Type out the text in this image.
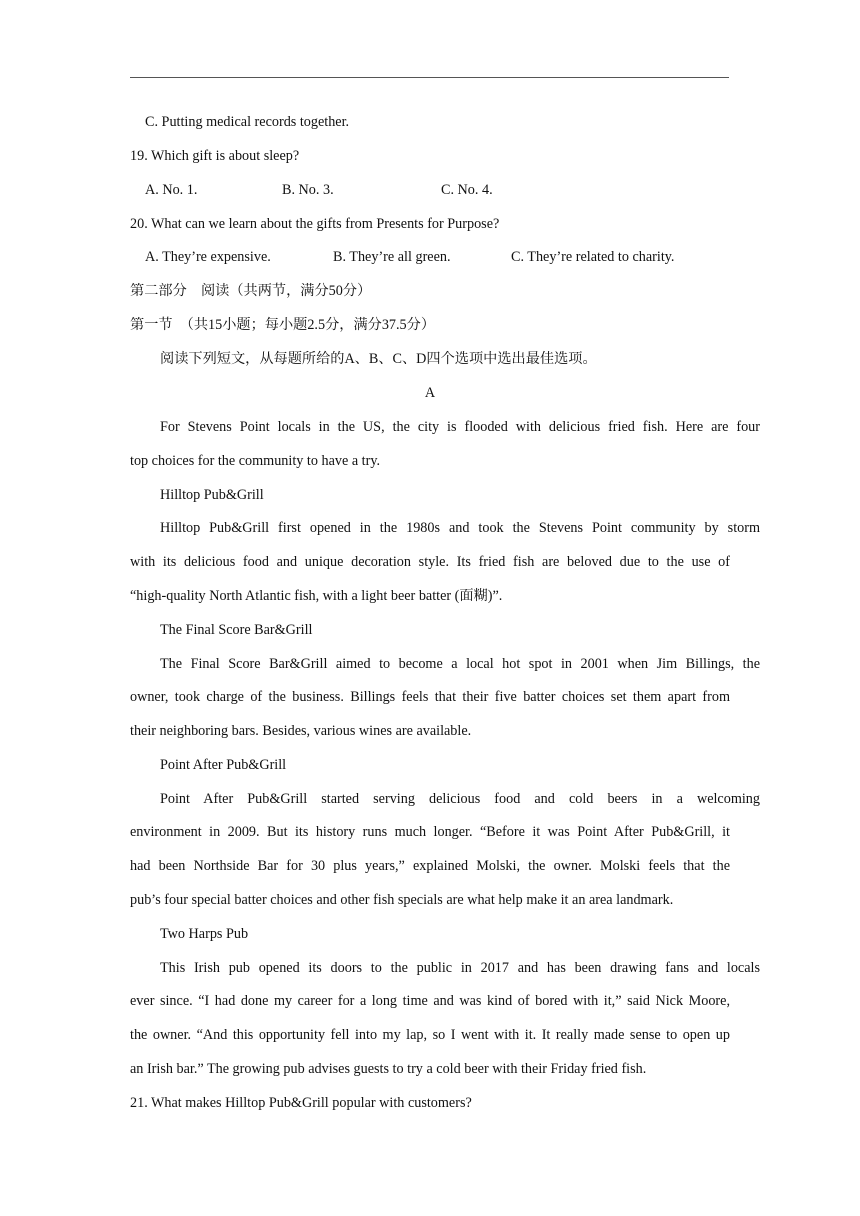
C. Putting medical records together.
19. Which gift is about sleep?
A. No. 1.	B. No. 3.	C. No. 4.
20. What can we learn about the gifts from Presents for Purpose?
A. They’re expensive.	B. They’re all green.	C. They’re related to charity.
第二部分　阅读（共两节，满分50分）
第一节　（共15小题；每小题2.5分，满分37.5分）
阅读下列短文，从每题所给的A、B、C、D四个选项中选出最佳选项。
A
For Stevens Point locals in the US, the city is flooded with delicious fried fish. Here are four
top choices for the community to have a try.
Hilltop Pub&Grill
Hilltop Pub&Grill first opened in the 1980s and took the Stevens Point community by storm
with its delicious food and unique decoration style. Its fried fish are beloved due to the use of
“high-quality North Atlantic fish, with a light beer batter (面糊)”.
The Final Score Bar&Grill
The Final Score Bar&Grill aimed to become a local hot spot in 2001 when Jim Billings, the
owner, took charge of the business. Billings feels that their five batter choices set them apart from
their neighboring bars. Besides, various wines are available.
Point After Pub&Grill
Point After Pub&Grill started serving delicious food and cold beers in a welcoming
environment in 2009. But its history runs much longer. “Before it was Point After Pub&Grill, it
had been Northside Bar for 30 plus years,” explained Molski, the owner. Molski feels that the
pub’s four special batter choices and other fish specials are what help make it an area landmark.
Two Harps Pub
This Irish pub opened its doors to the public in 2017 and has been drawing fans and locals
ever since. “I had done my career for a long time and was kind of bored with it,” said Nick Moore,
the owner. “And this opportunity fell into my lap, so I went with it. It really made sense to open up
an Irish bar.” The growing pub advises guests to try a cold beer with their Friday fried fish.
21. What makes Hilltop Pub&Grill popular with customers?
